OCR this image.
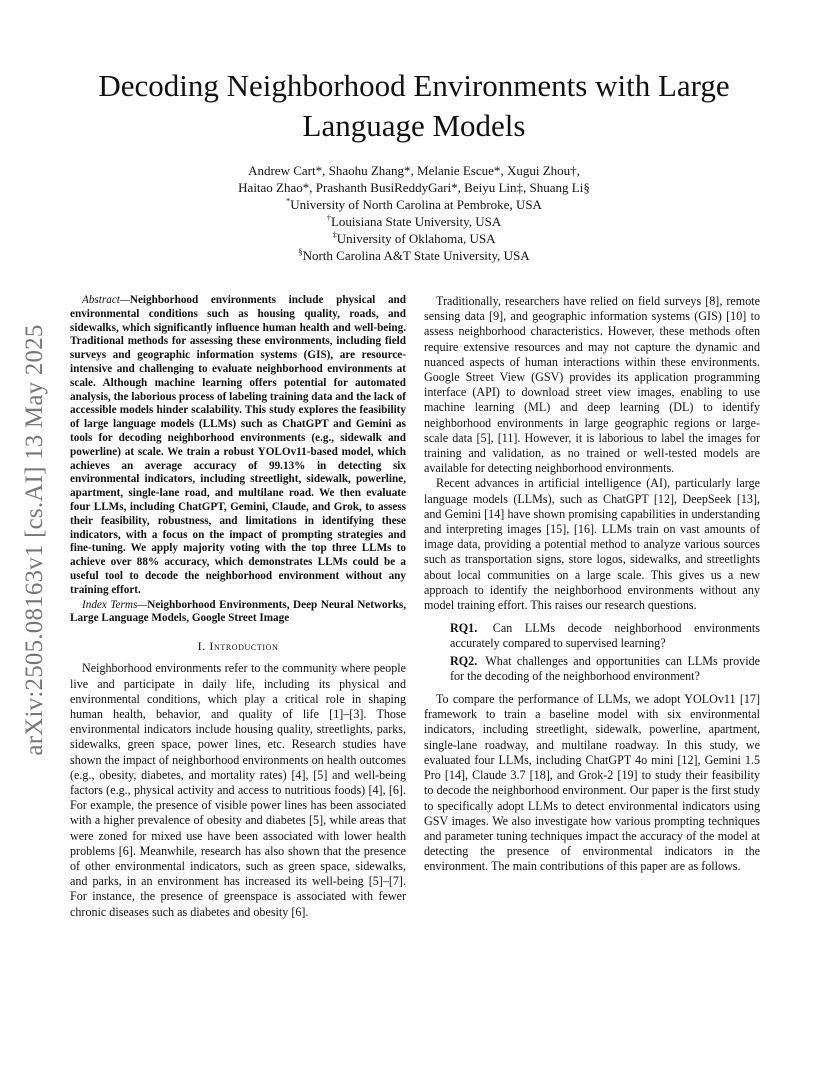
arXiv:2505.08163v1 [cs.AI] 13 May 2025
Decoding Neighborhood Environments with Large Language Models
Andrew Cart*, Shaohu Zhang*, Melanie Escue*, Xugui Zhou†,
Haitao Zhao*, Prashanth BusiReddyGari*, Beiyu Lin‡, Shuang Li§
*University of North Carolina at Pembroke, USA
†Louisiana State University, USA
‡University of Oklahoma, USA
§North Carolina A&T State University, USA

Abstract—Neighborhood environments include physical and environmental conditions such as housing quality, roads, and sidewalks, which significantly influence human health and well-being. Traditional methods for assessing these environments, including field surveys and geographic information systems (GIS), are resource-intensive and challenging to evaluate neighborhood environments at scale. Although machine learning offers potential for automated analysis, the laborious process of labeling training data and the lack of accessible models hinder scalability. This study explores the feasibility of large language models (LLMs) such as ChatGPT and Gemini as tools for decoding neighborhood environments (e.g., sidewalk and powerline) at scale. We train a robust YOLOv11-based model, which achieves an average accuracy of 99.13% in detecting six environmental indicators, including streetlight, sidewalk, powerline, apartment, single-lane road, and multilane road. We then evaluate four LLMs, including ChatGPT, Gemini, Claude, and Grok, to assess their feasibility, robustness, and limitations in identifying these indicators, with a focus on the impact of prompting strategies and fine-tuning. We apply majority voting with the top three LLMs to achieve over 88% accuracy, which demonstrates LLMs could be a useful tool to decode the neighborhood environment without any training effort.

Index Terms—Neighborhood Environments, Deep Neural Networks, Large Language Models, Google Street Image

I. Introduction

Neighborhood environments refer to the community where people live and participate in daily life, including its physical and environmental conditions, which play a critical role in shaping human health, behavior, and quality of life [1]–[3]. Those environmental indicators include housing quality, streetlights, parks, sidewalks, green space, power lines, etc. Research studies have shown the impact of neighborhood environments on health outcomes (e.g., obesity, diabetes, and mortality rates) [4], [5] and well-being factors (e.g., physical activity and access to nutritious foods) [4], [6]. For example, the presence of visible power lines has been associated with a higher prevalence of obesity and diabetes [5], while areas that were zoned for mixed use have been associated with lower health problems [6]. Meanwhile, research has also shown that the presence of other environmental indicators, such as green space, sidewalks, and parks, in an environment has increased its well-being [5]–[7]. For instance, the presence of greenspace is associated with fewer chronic diseases such as diabetes and obesity [6].

Traditionally, researchers have relied on field surveys [8], remote sensing data [9], and geographic information systems (GIS) [10] to assess neighborhood characteristics. However, these methods often require extensive resources and may not capture the dynamic and nuanced aspects of human interactions within these environments. Google Street View (GSV) provides its application programming interface (API) to download street view images, enabling to use machine learning (ML) and deep learning (DL) to identify neighborhood environments in large geographic regions or large-scale data [5], [11]. However, it is laborious to label the images for training and validation, as no trained or well-tested models are available for detecting neighborhood environments.

Recent advances in artificial intelligence (AI), particularly large language models (LLMs), such as ChatGPT [12], DeepSeek [13], and Gemini [14] have shown promising capabilities in understanding and interpreting images [15], [16]. LLMs train on vast amounts of image data, providing a potential method to analyze various sources such as transportation signs, store logos, sidewalks, and streetlights about local communities on a large scale. This gives us a new approach to identify the neighborhood environments without any model training effort. This raises our research questions.

RQ1. Can LLMs decode neighborhood environments accurately compared to supervised learning?

RQ2. What challenges and opportunities can LLMs provide for the decoding of the neighborhood environment?

To compare the performance of LLMs, we adopt YOLOv11 [17] framework to train a baseline model with six environmental indicators, including streetlight, sidewalk, powerline, apartment, single-lane roadway, and multilane roadway. In this study, we evaluated four LLMs, including ChatGPT 4o mini [12], Gemini 1.5 Pro [14], Claude 3.7 [18], and Grok-2 [19] to study their feasibility to decode the neighborhood environment. Our paper is the first study to specifically adopt LLMs to detect environmental indicators using GSV images. We also investigate how various prompting techniques and parameter tuning techniques impact the accuracy of the model at detecting the presence of environmental indicators in the environment. The main contributions of this paper are as follows.
